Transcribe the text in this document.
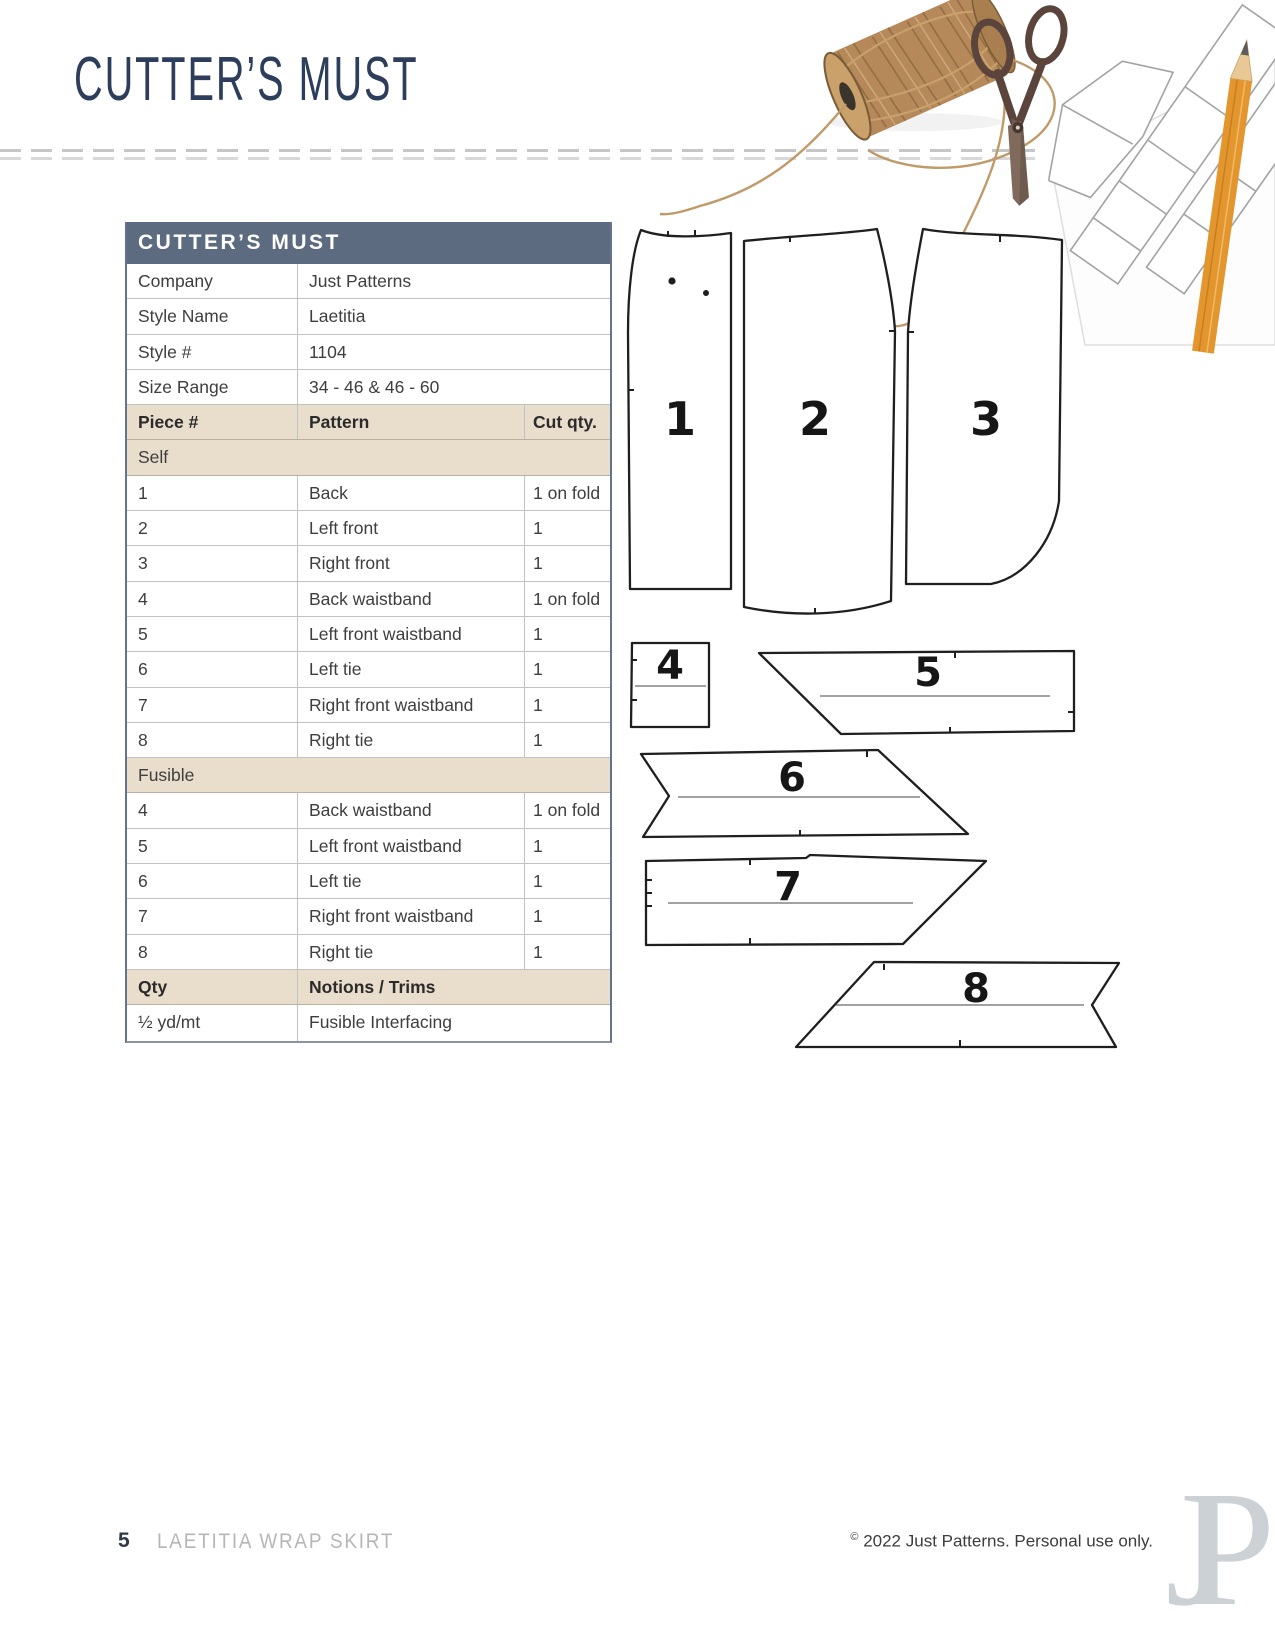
1 2	3
4	5
6
7
8
CUTTER’S MUST
CUTTER’S MUST
Company	Just Patterns
Style Name	Laetitia
Style #	1104
Size Range	34 - 46 & 46 - 60
Piece #	Pattern	Cut qty.
Self
1	Back	1 on fold
2	Left front	1
3	Right front	1
4	Back waistband	1 on fold
5	Left front waistband	1
6	Left tie	1
7	Right front waistband	1
8	Right tie	1
Fusible
4	Back waistband	1 on fold
5	Left front waistband	1
6	Left tie	1
7	Right front waistband	1
8	Right tie	1
Qty	Notions / Trims
½ yd/mt	Fusible Interfacing
JP
5 LAETITIA WRAP SKIRT	© 2022 Just Patterns. Personal use only.
